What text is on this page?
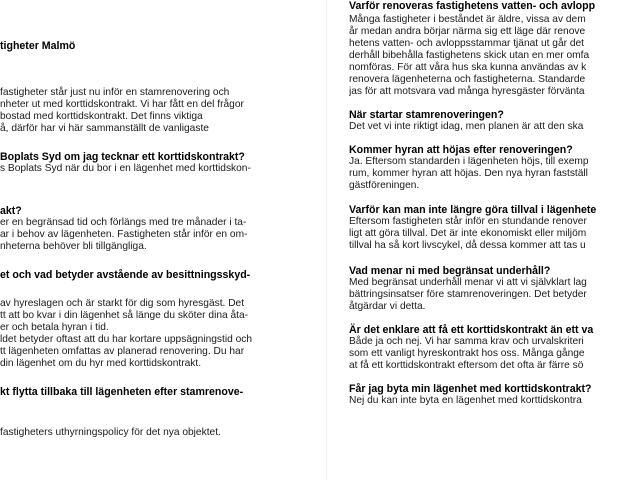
tigheter Malmö
fastigheter står just nu inför en stamrenovering och
nheter ut med korttidskontrakt. Vi har fått en del frågor
bostad med korttidskontrakt. Det finns viktiga
å, därför har vi här sammanställt de vanligaste
Boplats Syd om jag tecknar ett korttidskontrakt?
s Boplats Syd när du bor i en lägenhet med korttidskon-
akt?
er en begränsad tid och förlängs med tre månader i ta-
ar i behov av lägenheten. Fastigheten står inför en om-
nheterna behöver bli tillgängliga.
et och vad betyder avstående av besittningsskyd-
av hyreslagen och är starkt för dig som hyresgäst. Det
tt att bo kvar i din lägenhet så länge du sköter dina åta-
er och betala hyran i tid.
ldet betyder oftast att du har kortare uppsägningstid och
tt lägenheten omfattas av planerad renovering. Du har
din lägenhet om du hyr med korttidskontrakt.
kt flytta tillbaka till lägenheten efter stamrenove-
fastigheters uthyrningspolicy för det nya objektet.
Varför renoveras fastighetens vatten- och avlopp
Många fastigheter i beståndet är äldre, vissa av dem
år medan andra börjar närma sig ett läge där renove
hetens vatten- och avloppsstammar tjänat ut går det
derhåll bibehålla fastighetens skick utan en mer omfa
nomföras. För att våra hus ska kunna användas av k
renovera lägenheterna och fastigheterna. Standarde
jas för att motsvara vad många hyresgäster förvänta
När startar stamrenoveringen?
Det vet vi inte riktigt idag, men planen är att den ska
Kommer hyran att höjas efter renoveringen?
Ja. Eftersom standarden i lägenheten höjs, till exemp
rum, kommer hyran att höjas. Den nya hyran fastställ
gästföreningen.
Varför kan man inte längre göra tillval i lägenhete
Eftersom fastigheten står inför en stundande renover
ligt att göra tillval. Det är inte ekonomiskt eller miljöm
tillval ha så kort livscykel, då dessa kommer att tas u
Vad menar ni med begränsat underhåll?
Med begränsat underhåll menar vi att vi självklart lag
bättringsinsatser före stamrenoveringen. Det betyder
åtgärdar vi detta.
Är det enklare att få ett korttidskontrakt än ett va
Både ja och nej. Vi har samma krav och urvalskriteri
som ett vanligt hyreskontrakt hos oss. Många gånge
at få ett korttidskontrakt eftersom det ofta är färre sö
Får jag byta min lägenhet med korttidskontrakt?
Nej du kan inte byta en lägenhet med korttidskontra
